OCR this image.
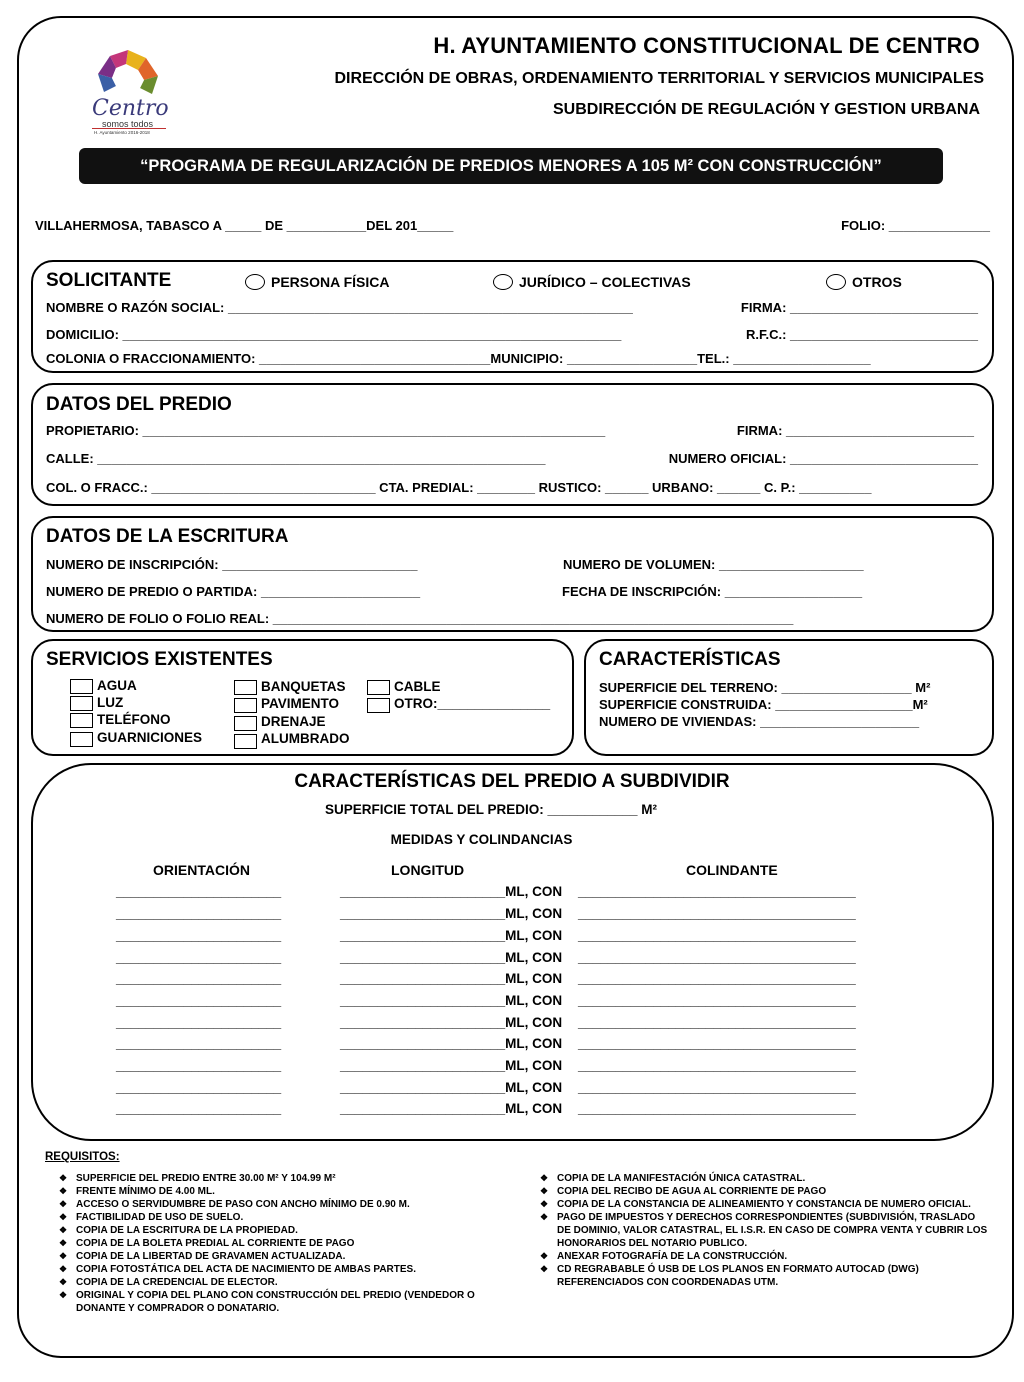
Centro
somos todos
H. Ayuntamiento 2016-2018
H. AYUNTAMIENTO CONSTITUCIONAL DE CENTRO
DIRECCIÓN DE OBRAS, ORDENAMIENTO TERRITORIAL Y SERVICIOS MUNICIPALES
SUBDIRECCIÓN DE REGULACIÓN Y GESTION URBANA
“PROGRAMA DE REGULARIZACIÓN DE PREDIOS MENORES A 105 M² CON CONSTRUCCIÓN”
VILLAHERMOSA, TABASCO A _____ DE ___________DEL 201_____	FOLIO: ______________
SOLICITANTE	PERSONA FÍSICA	JURÍDICO – COLECTIVAS	OTROS
NOMBRE O RAZÓN SOCIAL: ________________________________________________________	FIRMA: __________________________
DOMICILIO: _____________________________________________________________________	R.F.C.: __________________________
COLONIA O FRACCIONAMIENTO: ________________________________MUNICIPIO: __________________TEL.: ___________________
DATOS DEL PREDIO
PROPIETARIO: ________________________________________________________________	FIRMA: __________________________
CALLE: ______________________________________________________________	NUMERO OFICIAL: __________________________
COL. O FRACC.: _______________________________ CTA. PREDIAL: ________ RUSTICO: ______ URBANO: ______ C. P.: __________
DATOS DE LA ESCRITURA
NUMERO DE INSCRIPCIÓN: ___________________________	NUMERO DE VOLUMEN: ____________________
NUMERO DE PREDIO O PARTIDA: ______________________	FECHA DE INSCRIPCIÓN: ___________________
NUMERO DE FOLIO O FOLIO REAL: ________________________________________________________________________
SERVICIOS EXISTENTES
AGUA
LUZ
TELÉFONO
GUARNICIONES
BANQUETAS
PAVIMENTO
DRENAJE
ALUMBRADO
CABLE
OTRO:_______________
CARACTERÍSTICAS
SUPERFICIE DEL TERRENO: __________________ M²
SUPERFICIE CONSTRUIDA: ___________________M²
NUMERO DE VIVIENDAS: ______________________
CARACTERÍSTICAS DEL PREDIO A SUBDIVIDIR
SUPERFICIE TOTAL DEL PREDIO: ____________ M²
MEDIDAS Y COLINDANCIAS
ORIENTACIÓN	LONGITUD	COLINDANTE
______________________	______________________ML, CON _____________________________________
______________________	______________________ML, CON _____________________________________
______________________	______________________ML, CON _____________________________________
______________________	______________________ML, CON _____________________________________
______________________	______________________ML, CON _____________________________________
______________________	______________________ML, CON _____________________________________
______________________	______________________ML, CON _____________________________________
______________________	______________________ML, CON _____________________________________
______________________	______________________ML, CON _____________________________________
______________________	______________________ML, CON _____________________________________
______________________	______________________ML, CON _____________________________________
REQUISITOS:
❖ SUPERFICIE DEL PREDIO ENTRE 30.00 M² Y 104.99 M²
❖ FRENTE MÍNIMO DE 4.00 ML.
❖ ACCESO O SERVIDUMBRE DE PASO CON ANCHO MÍNIMO DE 0.90 M.
❖ FACTIBILIDAD DE USO DE SUELO.
❖ COPIA DE LA ESCRITURA DE LA PROPIEDAD.
❖ COPIA DE LA BOLETA PREDIAL AL CORRIENTE DE PAGO
❖ COPIA DE LA LIBERTAD DE GRAVAMEN ACTUALIZADA.
❖ COPIA FOTOSTÁTICA DEL ACTA DE NACIMIENTO DE AMBAS PARTES.
❖ COPIA DE LA CREDENCIAL DE ELECTOR.
❖ ORIGINAL Y COPIA DEL PLANO CON CONSTRUCCIÓN DEL PREDIO (VENDEDOR O DONANTE Y COMPRADOR O DONATARIO.
❖ COPIA DE LA MANIFESTACIÓN ÚNICA CATASTRAL.
❖ COPIA DEL RECIBO DE AGUA AL CORRIENTE DE PAGO
❖ COPIA DE LA CONSTANCIA DE ALINEAMIENTO Y CONSTANCIA DE NUMERO OFICIAL.
❖ PAGO DE IMPUESTOS Y DERECHOS CORRESPONDIENTES (SUBDIVISIÓN, TRASLADO DE DOMINIO, VALOR CATASTRAL, EL I.S.R. EN CASO DE COMPRA VENTA Y CUBRIR LOS HONORARIOS DEL NOTARIO PUBLICO.
❖ ANEXAR FOTOGRAFÍA DE LA CONSTRUCCIÓN.
❖ CD REGRABABLE Ó USB DE LOS PLANOS EN FORMATO AUTOCAD (DWG) REFERENCIADOS CON COORDENADAS UTM.
